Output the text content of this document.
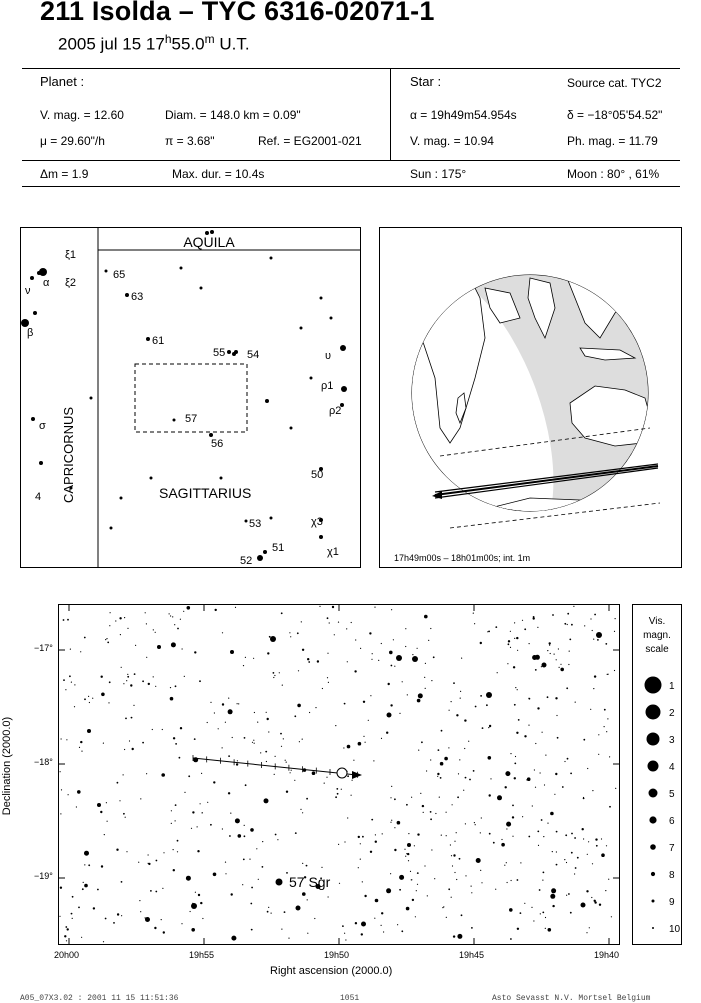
211 Isolda – TYC 6316-02071-1
2005 jul 15 17$^h$55.0$^m$ U.T.
Planet :
V. mag. = 12.60	Diam. = 148.0 km = 0.09"
μ = 29.60"/h	π = 3.68"	Ref. = EG2001-021
Δm = 1.9	Max. dur. = 10.4s
Star :	Source cat. TYC2
α = 19h49m54.954s	δ = −18°05'54.52"
V. mag. = 10.94	Ph. mag. = 11.79
Sun : 175°	Moon : 80° , 61%
AQUILA
CAPRICORNUS	SAGITTARIUS
ξ1
ξ2
ν
α
β
σ
4
65
63
61
55 54
57
56
υ
ρ1
ρ2
50
χ3
53
51
52
χ1	17h49m00s – 18h01m00s; int. 1m
57 Sgr
Declination (2000.0)
−17°
−18°
−19°
20h00	19h55	19h50	19h45	19h40
Right ascension (2000.0)
Vis.
magn.
scale
1
2
3
4
5
6
7
8
9
10
A05_07X3.02 : 2001 11 15 11:51:36	1051	Asto Sevasst N.V. Mortsel Belgium
